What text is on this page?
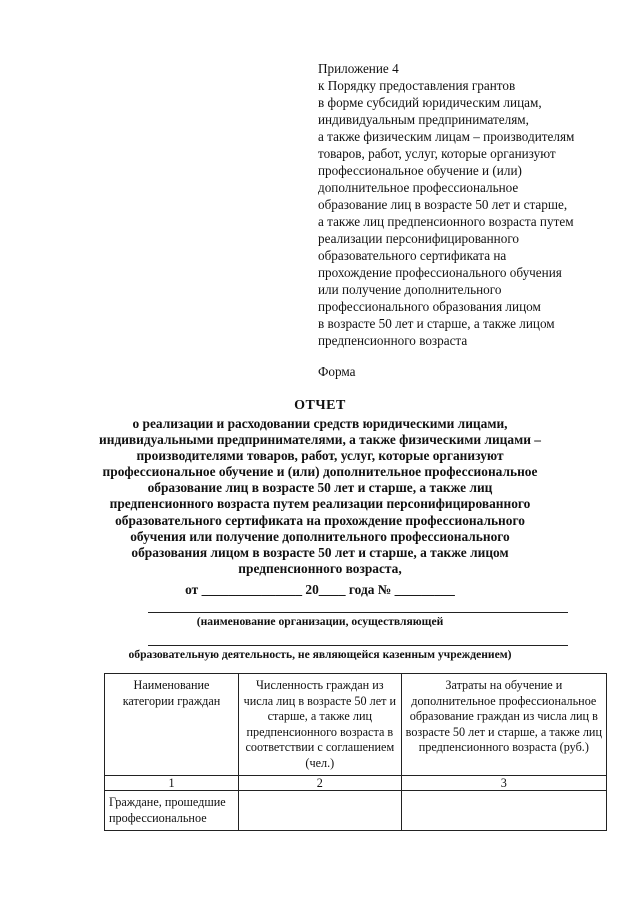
Приложение 4
к Порядку предоставления грантов
в форме субсидий юридическим лицам,
индивидуальным предпринимателям,
а также физическим лицам – производителям
товаров, работ, услуг, которые организуют
профессиональное обучение и (или)
дополнительное профессиональное
образование лиц в возрасте 50 лет и старше,
а также лиц предпенсионного возраста путем
реализации персонифицированного
образовательного сертификата на
прохождение профессионального обучения
или получение дополнительного
профессионального образования лицом
в возрасте 50 лет и старше, а также лицом
предпенсионного возраста
Форма
ОТЧЕТ
о реализации и расходовании средств юридическими лицами,
индивидуальными предпринимателями, а также физическими лицами –
производителями товаров, работ, услуг, которые организуют
профессиональное обучение и (или) дополнительное профессиональное
образование лиц в возрасте 50 лет и старше, а также лиц
предпенсионного возраста путем реализации персонифицированного
образовательного сертификата на прохождение профессионального
обучения или получение дополнительного профессионального
образования лицом в возрасте 50 лет и старше, а также лицом
предпенсионного возраста,
от _______________ 20____ года № _________
(наименование организации, осуществляющей
образовательную деятельность, не являющейся казенным учреждением)
Наименование категории граждан	Численность граждан из числа лиц в возрасте 50 лет и старше, а также лиц предпенсионного возраста в соответствии с соглашением (чел.)	Затраты на обучение и дополнительное профессиональное образование граждан из числа лиц в возрасте 50 лет и старше, а также лиц предпенсионного возраста (руб.)
1	2	3
Граждане, прошедшие профессиональное		
